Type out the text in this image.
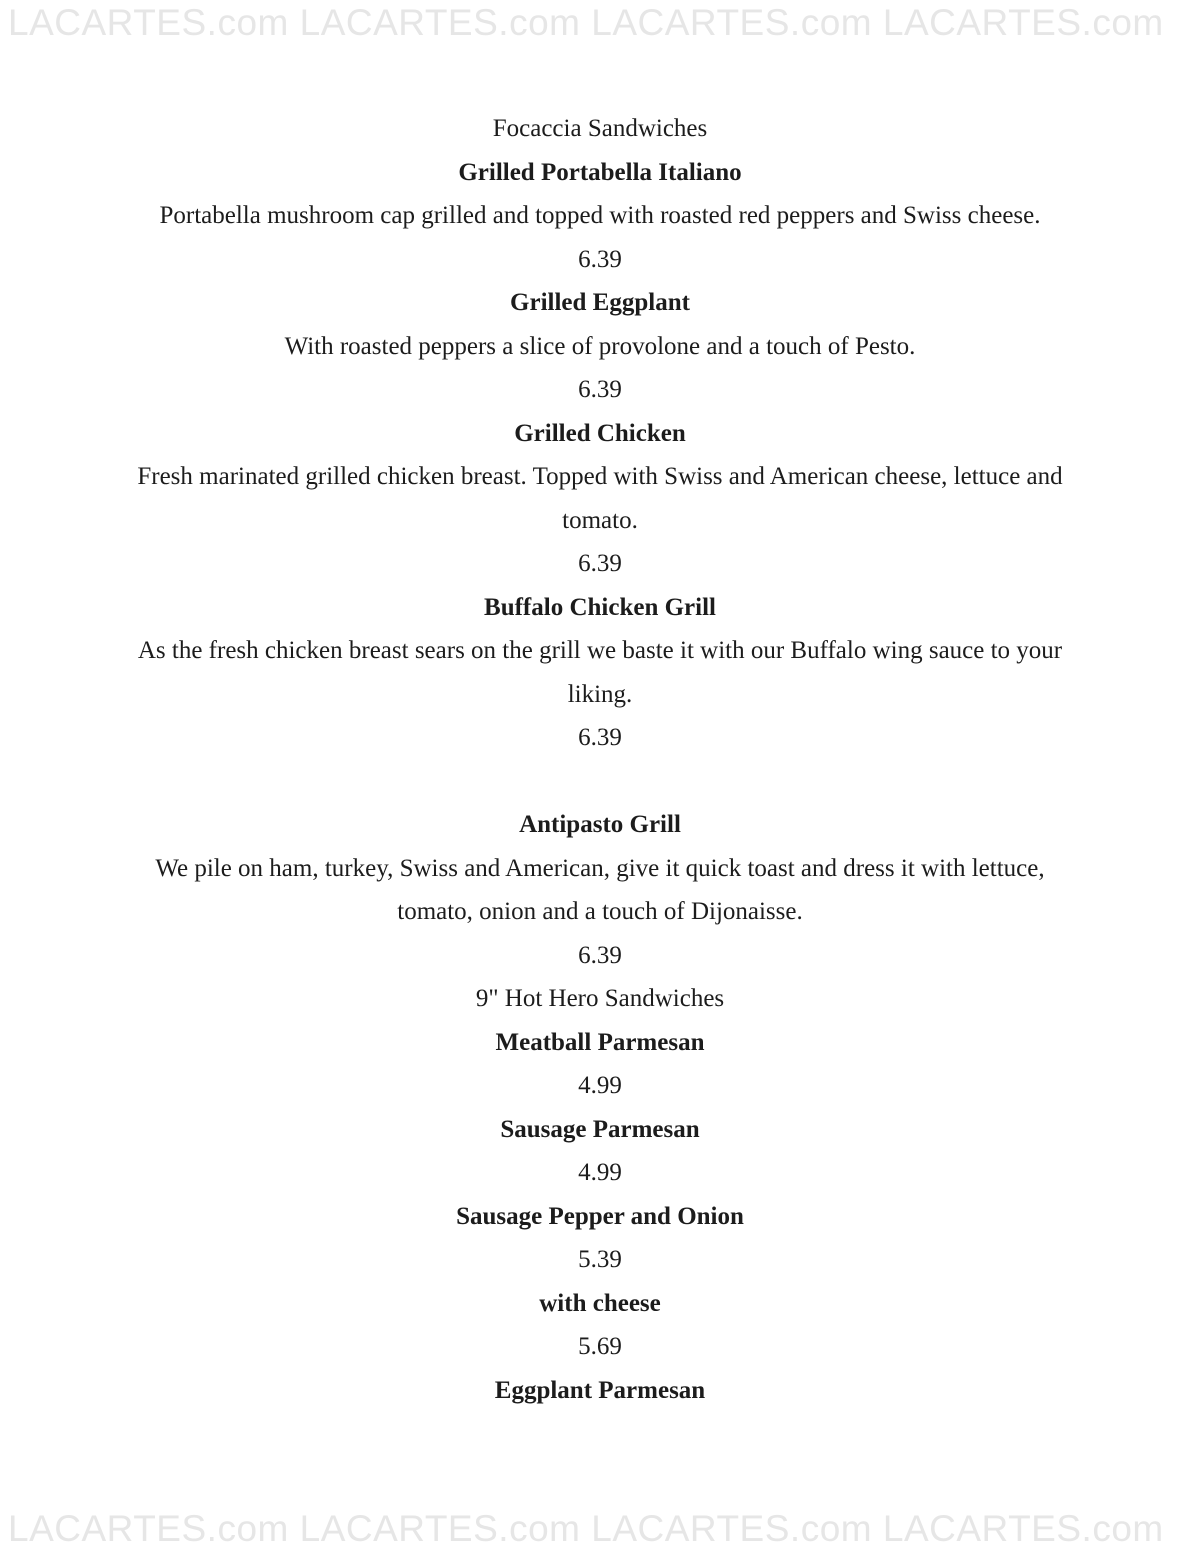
LACARTES.com LACARTES.com LACARTES.com LACARTES.com
Focaccia Sandwiches
Grilled Portabella Italiano
Portabella mushroom cap grilled and topped with roasted red peppers and Swiss cheese.
6.39
Grilled Eggplant
With roasted peppers a slice of provolone and a touch of Pesto.
6.39
Grilled Chicken
Fresh marinated grilled chicken breast. Topped with Swiss and American cheese, lettuce and
tomato.
6.39
Buffalo Chicken Grill
As the fresh chicken breast sears on the grill we baste it with our Buffalo wing sauce to your
liking.
6.39
Antipasto Grill
We pile on ham, turkey, Swiss and American, give it quick toast and dress it with lettuce,
tomato, onion and a touch of Dijonaisse.
6.39
9" Hot Hero Sandwiches
Meatball Parmesan
4.99
Sausage Parmesan
4.99
Sausage Pepper and Onion
5.39
with cheese
5.69
Eggplant Parmesan
LACARTES.com LACARTES.com LACARTES.com LACARTES.com
